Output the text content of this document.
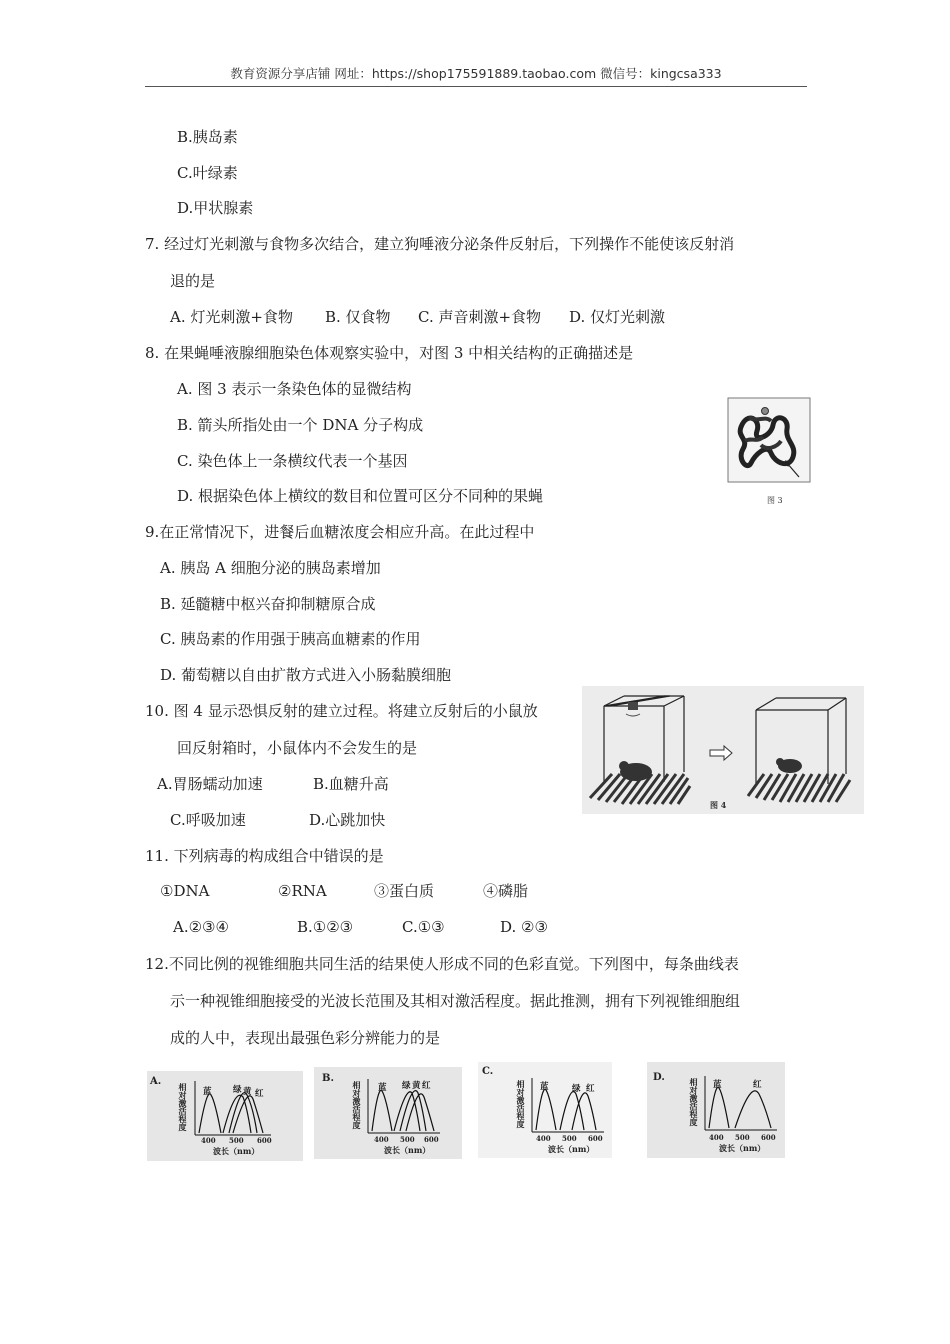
教育资源分享店铺 网址：https://shop175591889.taobao.com 微信号：kingcsa333
B.胰岛素
C.叶绿素
D.甲状腺素
7. 经过灯光刺激与食物多次结合，建立狗唾液分泌条件反射后，下列操作不能使该反射消
退的是
A. 灯光刺激+食物 B. 仅食物 C. 声音刺激+食物 D. 仅灯光刺激
8. 在果蝇唾液腺细胞染色体观察实验中，对图 3 中相关结构的正确描述是
A. 图 3 表示一条染色体的显微结构
B. 箭头所指处由一个 DNA 分子构成
C. 染色体上一条横纹代表一个基因
D. 根据染色体上横纹的数目和位置可区分不同种的果蝇	图 3
9.在正常情况下，进餐后血糖浓度会相应升高。在此过程中
A. 胰岛 A 细胞分泌的胰岛素增加
B. 延髓糖中枢兴奋抑制糖原合成
C. 胰岛素的作用强于胰高血糖素的作用
D. 葡萄糖以自由扩散方式进入小肠黏膜细胞
10. 图 4 显示恐惧反射的建立过程。将建立反射后的小鼠放
回反射箱时，小鼠体内不会发生的是
A.胃肠蠕动加速	B.血糖升高
C.呼吸加速	D.心跳加快
图 4
11. 下列病毒的构成组合中错误的是
①DNA	②RNA	③蛋白质	④磷脂
A.②③④	B.①②③	C.①③	D. ②③
12.不同比例的视锥细胞共同生活的结果使人形成不同的色彩直觉。下列图中，每条曲线表
示一种视锥细胞接受的光波长范围及其相对激活程度。据此推测，拥有下列视锥细胞组
成的人中，表现出最强色彩分辨能力的是
A.
相对激活程度 蓝	绿 黄 红
400 500 600
波长（nm）
B.
相对激活程度 蓝 绿 黄 红
400 500 600
波长（nm）
C.
相对激活程度 蓝	绿 红
400 500 600
波长（nm）
D.
相对激活程度 蓝	红
400 500 600
波长（nm）
